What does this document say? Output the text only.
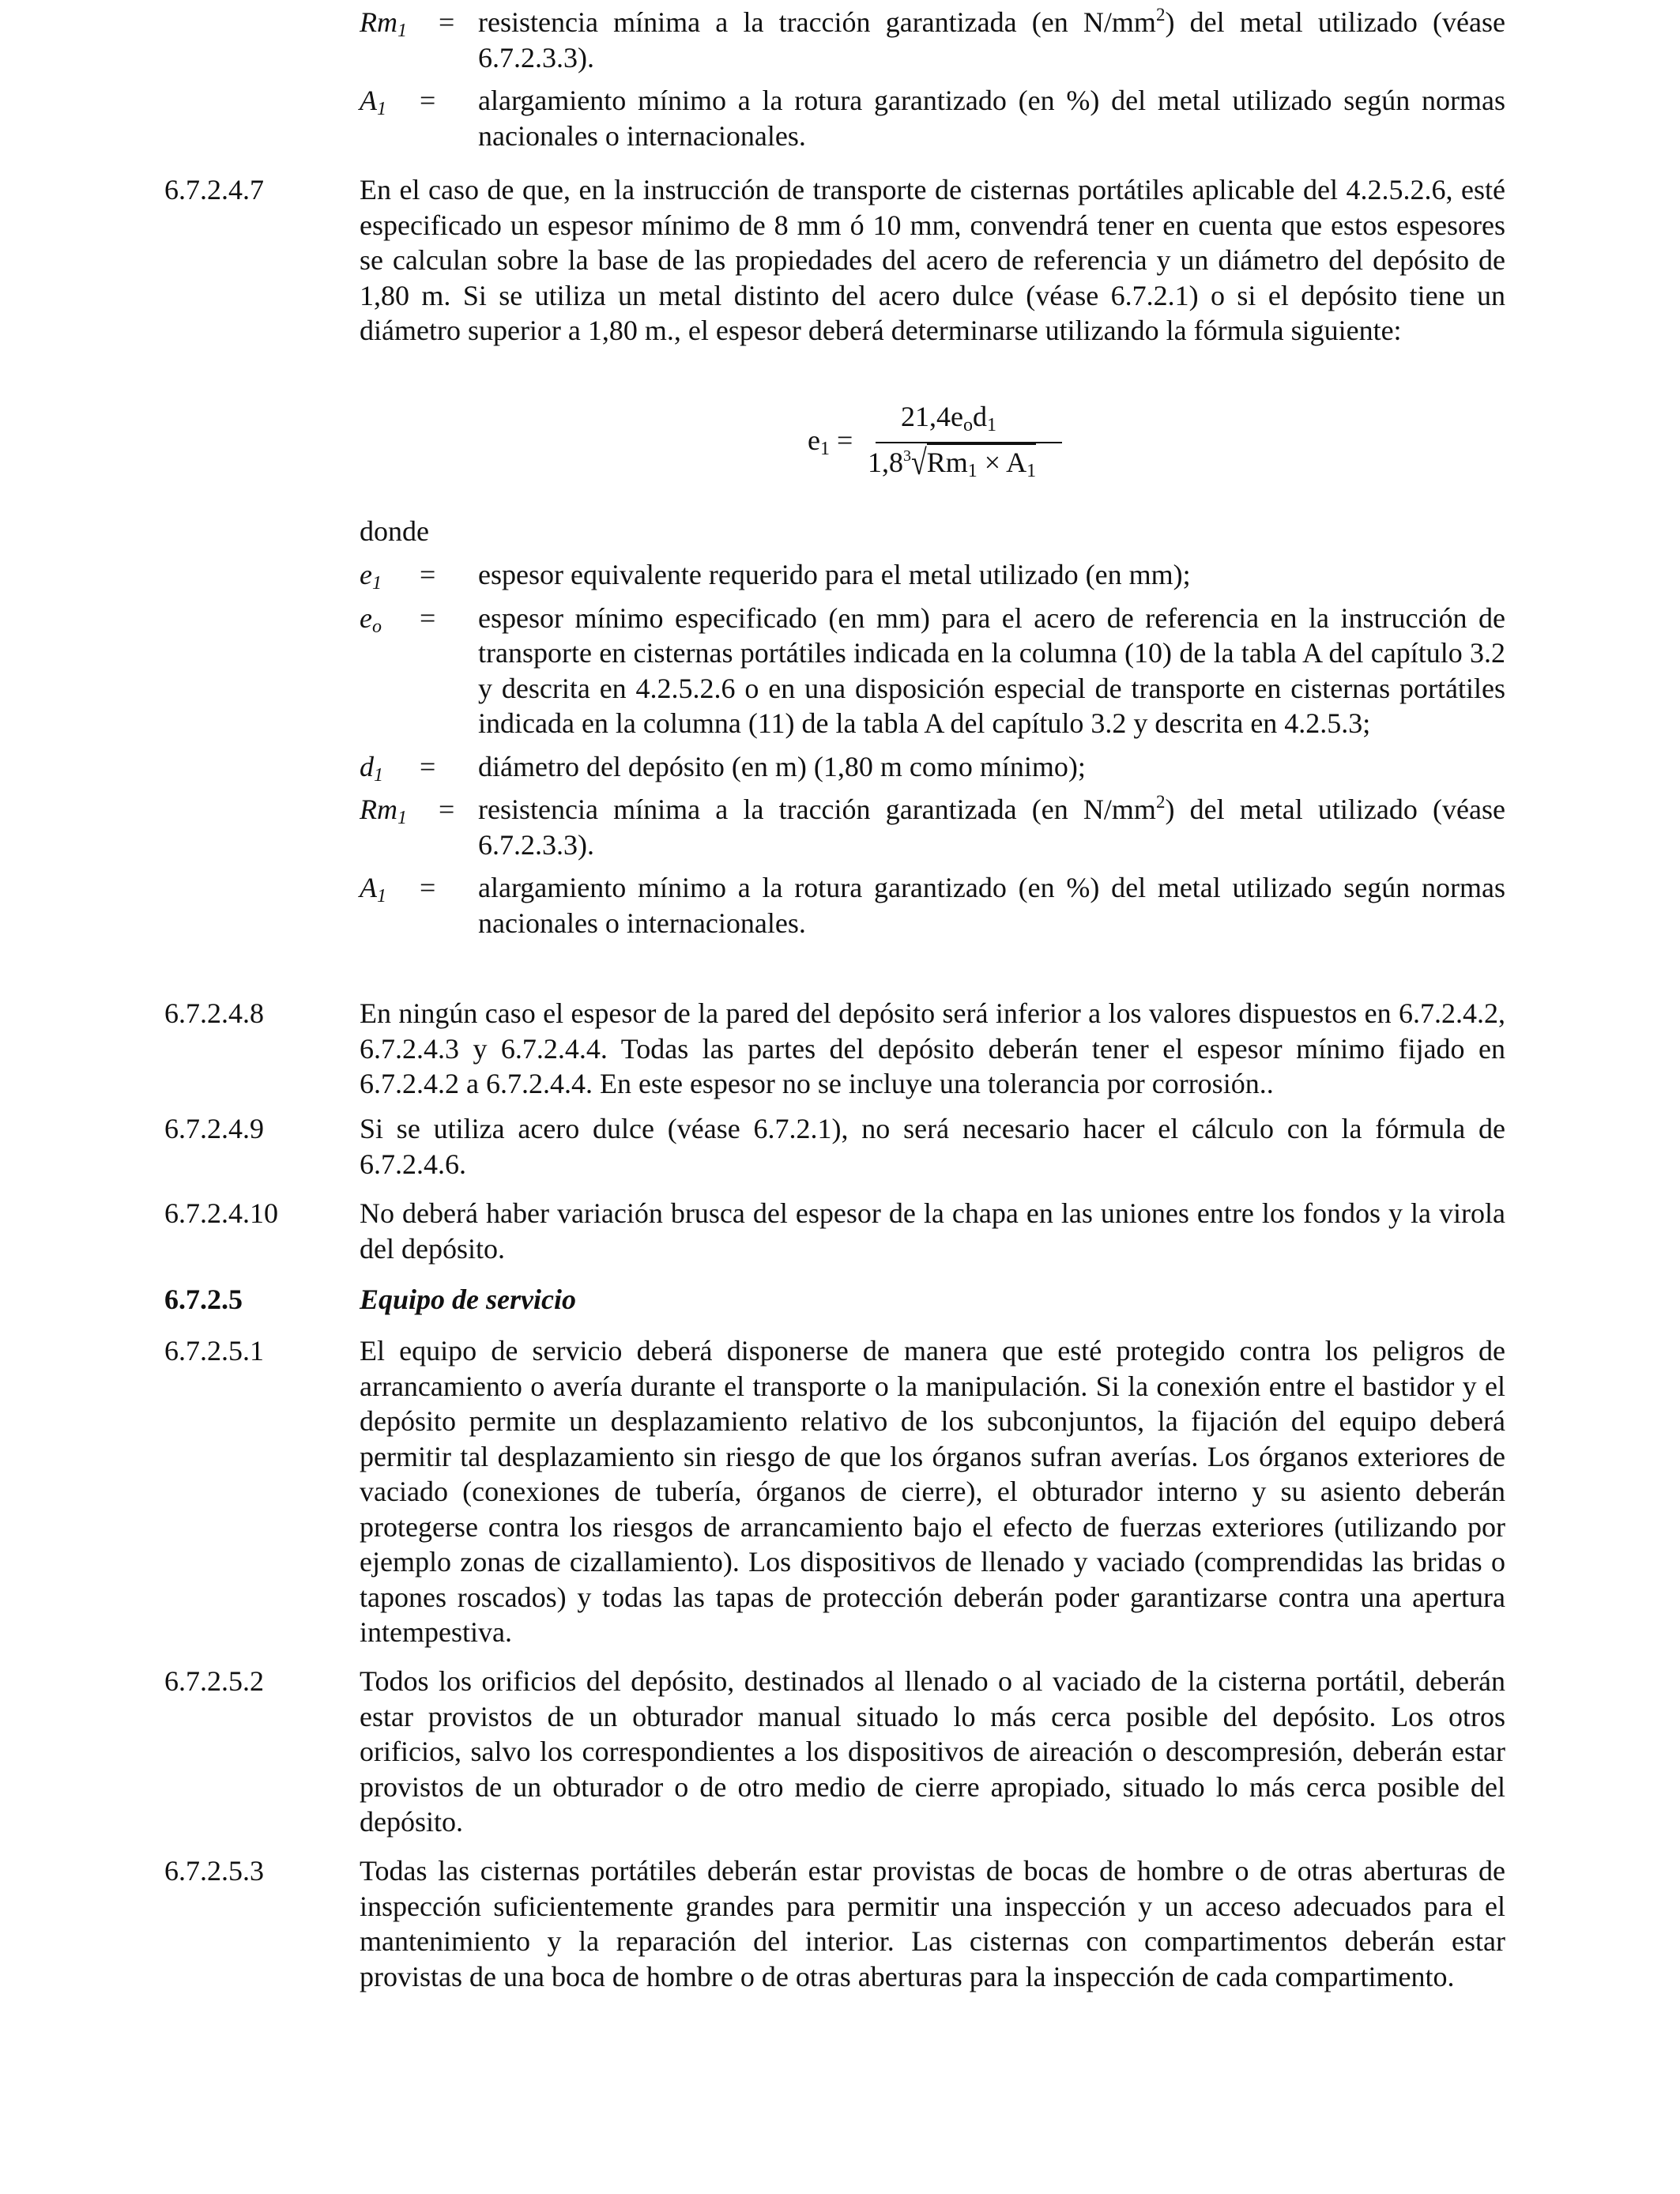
$Rm_1$ = resistencia mínima a la tracción garantizada (en $N/mm^2$) del metal utilizado (véase 6.7.2.3.3).
$A_1$ = alargamiento mínimo a la rotura garantizado (en %) del metal utilizado según normas nacionales o internacionales.
6.7.2.4.7	En el caso de que, en la instrucción de transporte de cisternas portátiles aplicable del 4.2.5.2.6, esté especificado un espesor mínimo de 8 mm ó 10 mm, convendrá tener en cuenta que estos espesores se calculan sobre la base de las propiedades del acero de referencia y un diámetro del depósito de 1,80 m. Si se utiliza un metal distinto del acero dulce (véase 6.7.2.1) o si el depósito tiene un diámetro superior a 1,80 m., el espesor deberá determinarse utilizando la fórmula siguiente:
$e_1$ =
$21,4e_od_1$
$1,8^3√Rm_1 \times A_1$
donde
$e_1$ = espesor equivalente requerido para el metal utilizado (en mm);
$e_o$ = espesor mínimo especificado (en mm) para el acero de referencia en la instrucción de transporte en cisternas portátiles indicada en la columna (10) de la tabla A del capítulo 3.2 y descrita en 4.2.5.2.6 o en una disposición especial de transporte en cisternas portátiles indicada en la columna (11) de la tabla A del capítulo 3.2 y descrita en 4.2.5.3;
$d_1$ = diámetro del depósito (en m) (1,80 m como mínimo);
$Rm_1$ = resistencia mínima a la tracción garantizada (en $N/mm^2$) del metal utilizado (véase 6.7.2.3.3).
$A_1$ = alargamiento mínimo a la rotura garantizado (en %) del metal utilizado según normas nacionales o internacionales.
6.7.2.4.8	En ningún caso el espesor de la pared del depósito será inferior a los valores dispuestos en 6.7.2.4.2, 6.7.2.4.3 y 6.7.2.4.4. Todas las partes del depósito deberán tener el espesor mínimo fijado en 6.7.2.4.2 a 6.7.2.4.4. En este espesor no se incluye una tolerancia por corrosión..
6.7.2.4.9	Si se utiliza acero dulce (véase 6.7.2.1), no será necesario hacer el cálculo con la fórmula de 6.7.2.4.6.
6.7.2.4.10	No deberá haber variación brusca del espesor de la chapa en las uniones entre los fondos y la virola del depósito.
6.7.2.5	Equipo de servicio
6.7.2.5.1	El equipo de servicio deberá disponerse de manera que esté protegido contra los peligros de arrancamiento o avería durante el transporte o la manipulación. Si la conexión entre el bastidor y el depósito permite un desplazamiento relativo de los subconjuntos, la fijación del equipo deberá permitir tal desplazamiento sin riesgo de que los órganos sufran averías. Los órganos exteriores de vaciado (conexiones de tubería, órganos de cierre), el obturador interno y su asiento deberán protegerse contra los riesgos de arrancamiento bajo el efecto de fuerzas exteriores (utilizando por ejemplo zonas de cizallamiento). Los dispositivos de llenado y vaciado (comprendidas las bridas o tapones roscados) y todas las tapas de protección deberán poder garantizarse contra una apertura intempestiva.
6.7.2.5.2	Todos los orificios del depósito, destinados al llenado o al vaciado de la cisterna portátil, deberán estar provistos de un obturador manual situado lo más cerca posible del depósito. Los otros orificios, salvo los correspondientes a los dispositivos de aireación o descompresión, deberán estar provistos de un obturador o de otro medio de cierre apropiado, situado lo más cerca posible del depósito.
6.7.2.5.3	Todas las cisternas portátiles deberán estar provistas de bocas de hombre o de otras aberturas de inspección suficientemente grandes para permitir una inspección y un acceso adecuados para el mantenimiento y la reparación del interior. Las cisternas con compartimentos deberán estar provistas de una boca de hombre o de otras aberturas para la inspección de cada compartimento.
